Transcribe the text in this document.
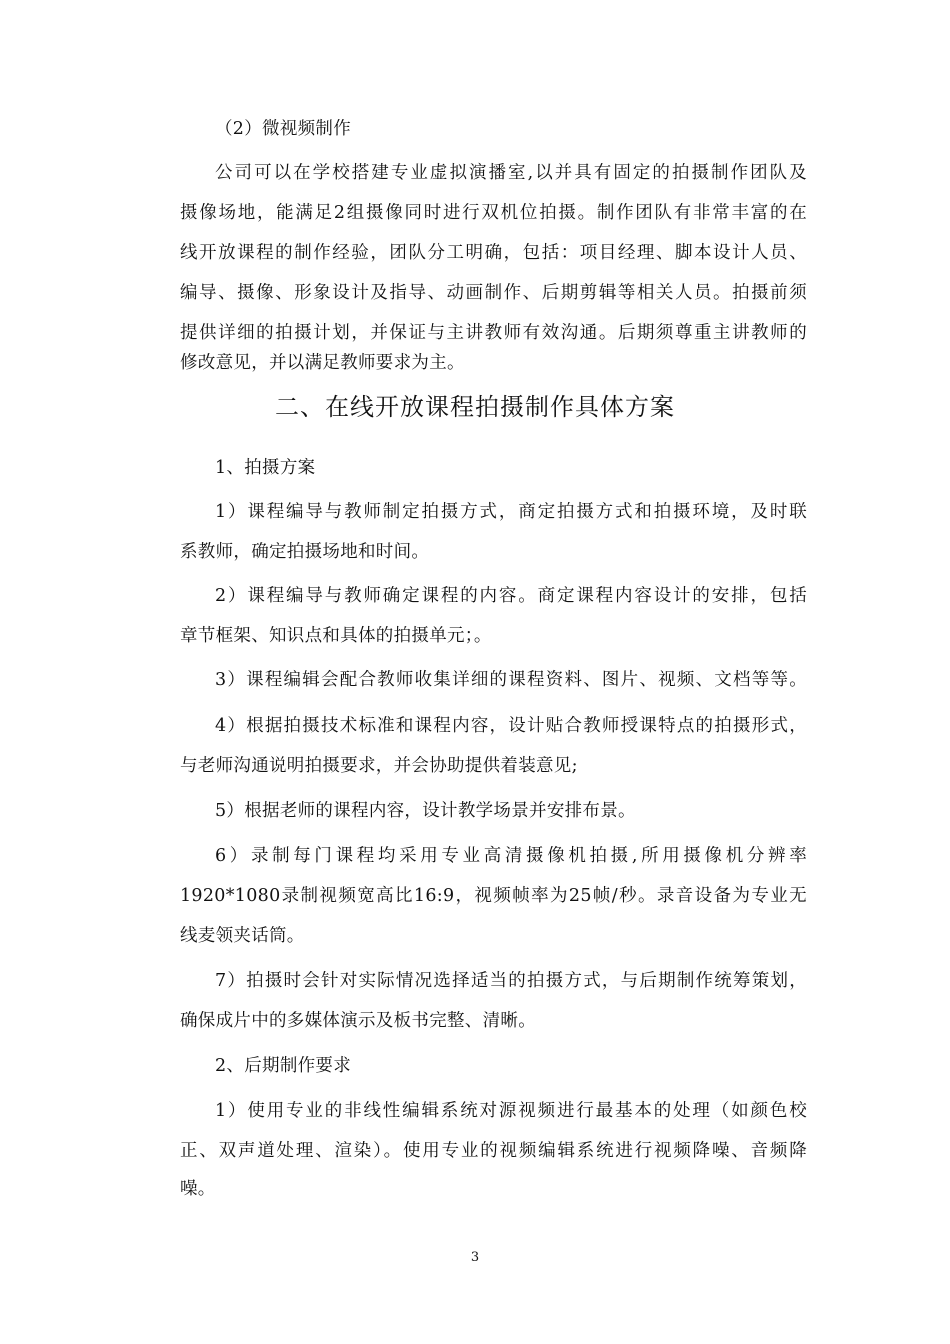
（2）微视频制作
公司可以在学校搭建专业虚拟演播室,以并具有固定的拍摄制作团队及
摄像场地，能满足2组摄像同时进行双机位拍摄。制作团队有非常丰富的在
线开放课程的制作经验，团队分工明确，包括：项目经理、脚本设计人员、
编导、摄像、形象设计及指导、动画制作、后期剪辑等相关人员。拍摄前须
提供详细的拍摄计划，并保证与主讲教师有效沟通。后期须尊重主讲教师的
修改意见，并以满足教师要求为主。
二、在线开放课程拍摄制作具体方案
1、拍摄方案
1）课程编导与教师制定拍摄方式，商定拍摄方式和拍摄环境，及时联
系教师，确定拍摄场地和时间。
2）课程编导与教师确定课程的内容。商定课程内容设计的安排，包括
章节框架、知识点和具体的拍摄单元；。
3）课程编辑会配合教师收集详细的课程资料、图片、视频、文档等等。
4）根据拍摄技术标准和课程内容，设计贴合教师授课特点的拍摄形式，
与老师沟通说明拍摄要求，并会协助提供着装意见;
5）根据老师的课程内容，设计教学场景并安排布景。
6）录制每门课程均采用专业高清摄像机拍摄,所用摄像机分辨率
1920*1080录制视频宽高比16:9，视频帧率为25帧/秒。录音设备为专业无
线麦领夹话筒。
7）拍摄时会针对实际情况选择适当的拍摄方式，与后期制作统筹策划，
确保成片中的多媒体演示及板书完整、清晰。
2、后期制作要求
1）使用专业的非线性编辑系统对源视频进行最基本的处理（如颜色校
正、双声道处理、渲染）。使用专业的视频编辑系统进行视频降噪、音频降
噪。
3
